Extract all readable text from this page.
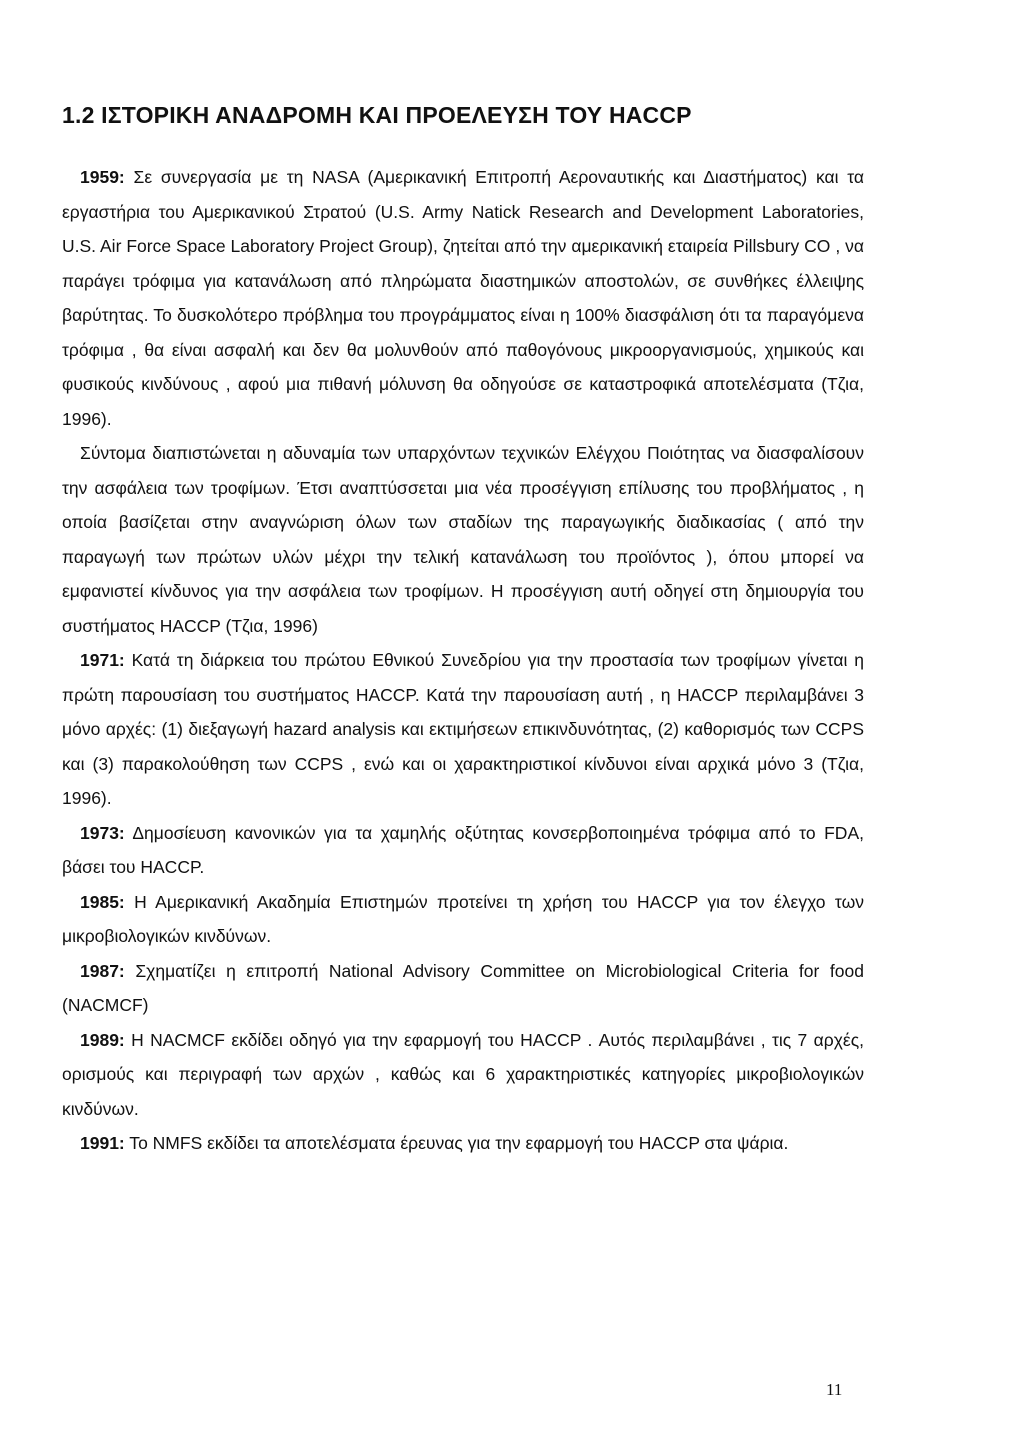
1.2 ΙΣΤΟΡΙΚΗ ΑΝΑΔΡΟΜΗ ΚΑΙ ΠΡΟΕΛΕΥΣΗ ΤΟΥ HACCP

1959: Σε συνεργασία με τη NASA (Αμερικανική Επιτροπή Αεροναυτικής και Διαστήματος) και τα εργαστήρια του Αμερικανικού Στρατού (U.S. Army Natick Research and Development Laboratories, U.S. Air Force Space Laboratory Project Group), ζητείται από την αμερικανική εταιρεία Pillsbury CO , να παράγει τρόφιμα για κατανάλωση από πληρώματα διαστημικών αποστολών, σε συνθήκες έλλειψης βαρύτητας. Το δυσκολότερο πρόβλημα του προγράμματος είναι η 100% διασφάλιση ότι τα παραγόμενα τρόφιμα , θα είναι ασφαλή και δεν θα μολυνθούν από παθογόνους μικροοργανισμούς, χημικούς και φυσικούς κινδύνους , αφού μια πιθανή μόλυνση θα οδηγούσε σε καταστροφικά αποτελέσματα (Τζια, 1996).

Σύντομα διαπιστώνεται η αδυναμία των υπαρχόντων τεχνικών Ελέγχου Ποιότητας να διασφαλίσουν την ασφάλεια των τροφίμων. Έτσι αναπτύσσεται μια νέα προσέγγιση επίλυσης του προβλήματος , η οποία βασίζεται στην αναγνώριση όλων των σταδίων της παραγωγικής διαδικασίας ( από την παραγωγή των πρώτων υλών μέχρι την τελική κατανάλωση του προϊόντος ), όπου μπορεί να εμφανιστεί κίνδυνος για την ασφάλεια των τροφίμων. Η προσέγγιση αυτή οδηγεί στη δημιουργία του συστήματος HACCP (Τζια, 1996)

1971: Κατά τη διάρκεια του πρώτου Εθνικού Συνεδρίου για την προστασία των τροφίμων γίνεται η πρώτη παρουσίαση του συστήματος HACCP. Κατά την παρουσίαση αυτή , η HACCP περιλαμβάνει 3 μόνο αρχές: (1) διεξαγωγή hazard analysis και εκτιμήσεων επικινδυνότητας, (2) καθορισμός των CCPS και (3) παρακολούθηση των CCPS , ενώ και οι χαρακτηριστικοί κίνδυνοι είναι αρχικά μόνο 3 (Τζια, 1996).

1973: Δημοσίευση κανονικών για τα χαμηλής οξύτητας κονσερβοποιημένα τρόφιμα από το FDA, βάσει του HACCP.

1985: Η Αμερικανική Ακαδημία Επιστημών προτείνει τη χρήση του HACCP για τον έλεγχο των μικροβιολογικών κινδύνων.

1987: Σχηματίζει η επιτροπή National Advisory Committee on Microbiological Criteria for food (NACMCF)

1989: Η NACMCF εκδίδει οδηγό για την εφαρμογή του HACCP . Αυτός περιλαμβάνει , τις 7 αρχές, ορισμούς και περιγραφή των αρχών , καθώς και 6 χαρακτηριστικές κατηγορίες μικροβιολογικών κινδύνων.

1991: Το NMFS εκδίδει τα αποτελέσματα έρευνας για την εφαρμογή του HACCP στα ψάρια.

11
